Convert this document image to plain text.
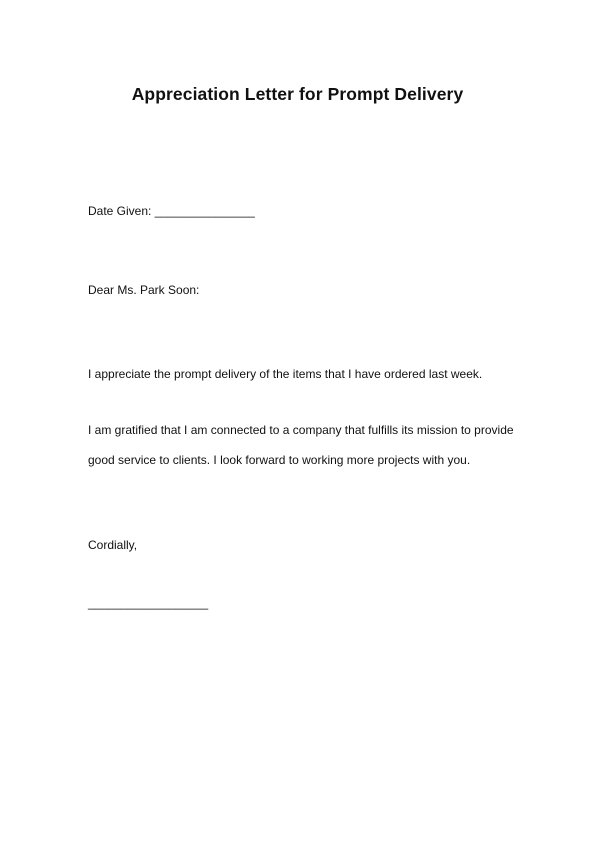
Appreciation Letter for Prompt Delivery
Date Given: _______________
Dear Ms. Park Soon:
I appreciate the prompt delivery of the items that I have ordered last week.
I am gratified that I am connected to a company that fulfills its mission to provide
good service to clients. I look forward to working more projects with you.
Cordially,
__________________
